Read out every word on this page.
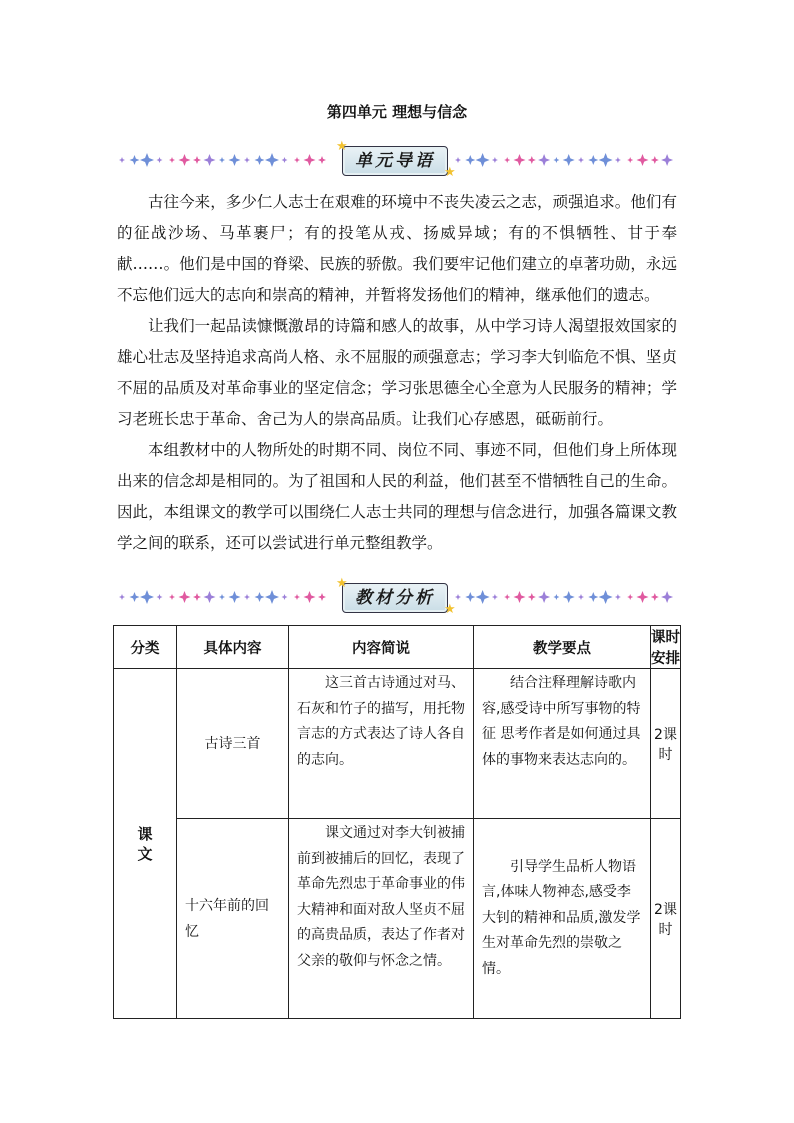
第四单元 理想与信念
单元导语
★
★

古往今来，多少仁人志士在艰难的环境中不丧失凌云之志，顽强追求。他们有的征战沙场、马革裹尸；有的投笔从戎、扬威异域；有的不惧牺牲、甘于奉献……。他们是中国的脊梁、民族的骄傲。我们要牢记他们建立的卓著功勋，永远不忘他们远大的志向和崇高的精神，并暂将发扬他们的精神，继承他们的遗志。

让我们一起品读慷慨激昂的诗篇和感人的故事，从中学习诗人渴望报效国家的雄心壮志及坚持追求高尚人格、永不屈服的顽强意志；学习李大钊临危不惧、坚贞不屈的品质及对革命事业的坚定信念；学习张思德全心全意为人民服务的精神；学习老班长忠于革命、舍己为人的崇高品质。让我们心存感恩，砥砺前行。

本组教材中的人物所处的时期不同、岗位不同、事迹不同，但他们身上所体现出来的信念却是相同的。为了祖国和人民的利益，他们甚至不惜牺牲自己的生命。因此，本组课文的教学可以围绕仁人志士共同的理想与信念进行，加强各篇课文教学之间的联系，还可以尝试进行单元整组教学。

教材分析
★
★
分类	具体内容	内容简说	教学要点	课时安排
课文	古诗三首	这三首古诗通过对马、石灰和竹子的描写，用托物言志的方式表达了诗人各自的志向。	结合注释理解诗歌内容,感受诗中所写事物的特征 思考作者是如何通过具体的事物来表达志向的。	2课时
	十六年前的回忆	课文通过对李大钊被捕前到被捕后的回忆，表现了革命先烈忠于革命事业的伟大精神和面对敌人坚贞不屈的高贵品质，表达了作者对父亲的敬仰与怀念之情。	引导学生品析人物语言,体味人物神态,感受李大钊的精神和品质,激发学生对革命先烈的崇敬之情。	2课时
